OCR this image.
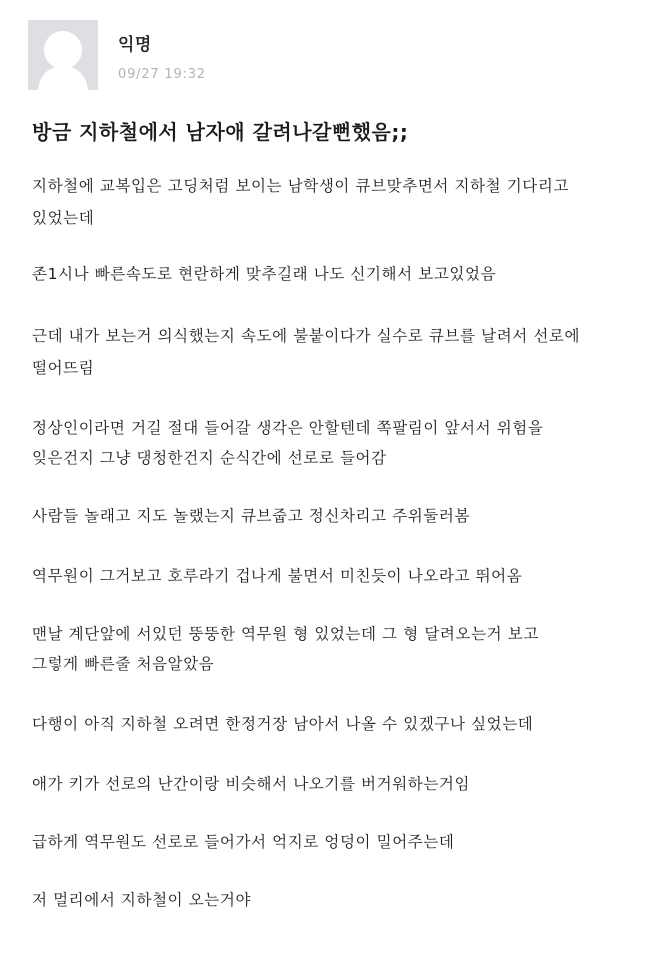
익명
09/27 19:32
방금 지하철에서 남자애 갈려나갈뻔했음;;
지하철에 교복입은 고딩처럼 보이는 남학생이 큐브맞추면서 지하철 기다리고
있었는데
존1시나 빠른속도로 현란하게 맞추길래 나도 신기해서 보고있었음
근데 내가 보는거 의식했는지 속도에 불붙이다가 실수로 큐브를 날려서 선로에
떨어뜨림
정상인이라면 거길 절대 들어갈 생각은 안할텐데 쪽팔림이 앞서서 위험을
잊은건지 그냥 댕청한건지 순식간에 선로로 들어감
사람들 놀래고 지도 놀랬는지 큐브줍고 정신차리고 주위둘러봄
역무원이 그거보고 호루라기 겁나게 불면서 미친듯이 나오라고 뛰어옴
맨날 계단앞에 서있던 뚱뚱한 역무원 형 있었는데 그 형 달려오는거 보고
그렇게 빠른줄 처음알았음
다행이 아직 지하철 오려면 한정거장 남아서 나올 수 있겠구나 싶었는데
애가 키가 선로의 난간이랑 비슷해서 나오기를 버거워하는거임
급하게 역무원도 선로로 들어가서 억지로 엉덩이 밀어주는데
저 멀리에서 지하철이 오는거야
